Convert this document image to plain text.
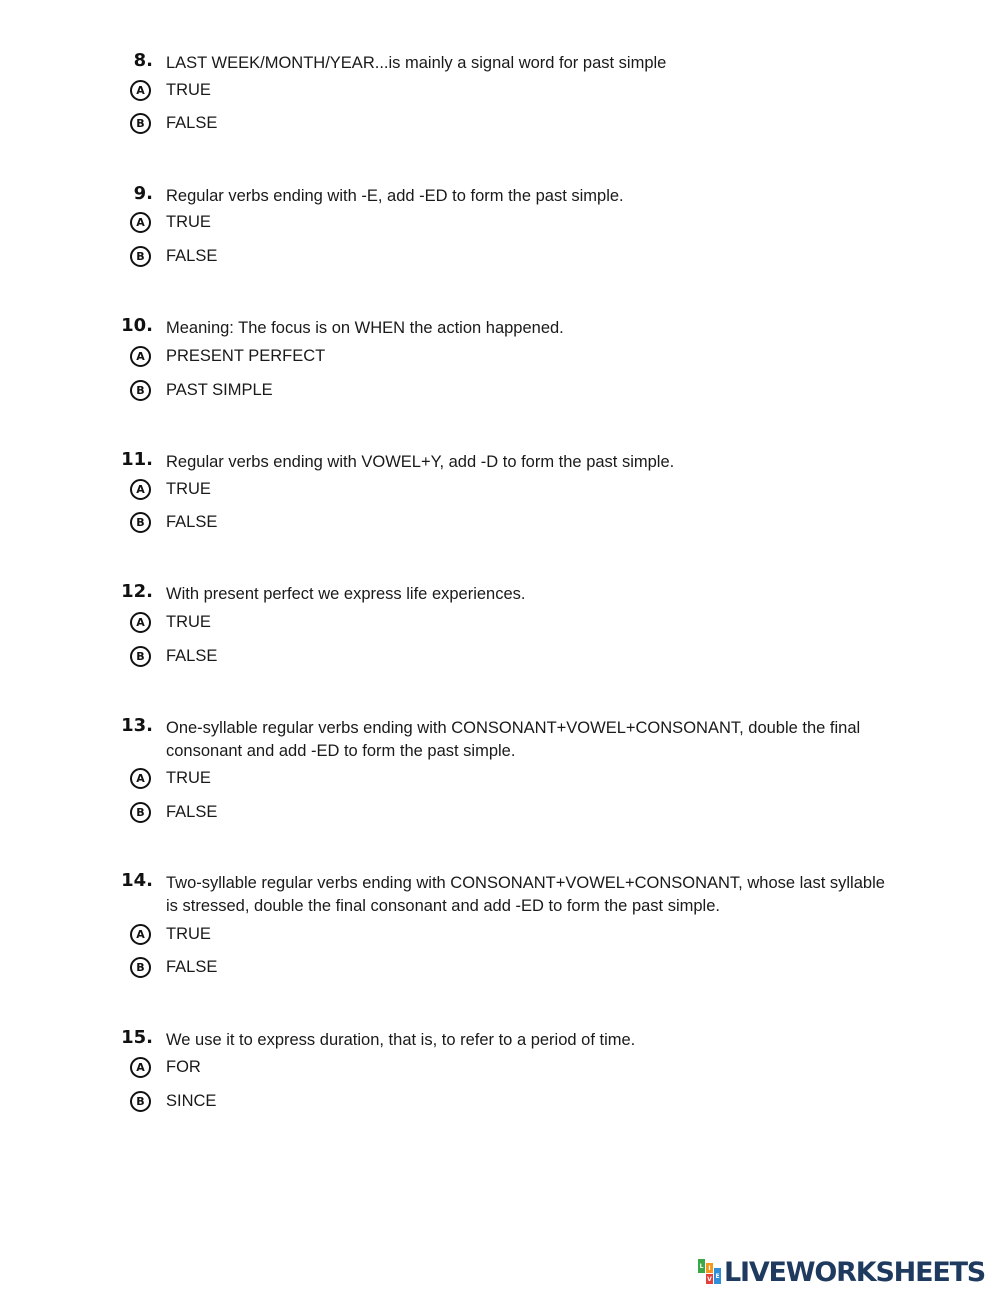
8. LAST WEEK/MONTH/YEAR...is mainly a signal word for past simple
A	TRUE
B	FALSE
9. Regular verbs ending with -E, add -ED to form the past simple.
A	TRUE
B	FALSE
10. Meaning: The focus is on WHEN the action happened.
A	PRESENT PERFECT
B	PAST SIMPLE
11. Regular verbs ending with VOWEL+Y, add -D to form the past simple.
A	TRUE
B	FALSE
12. With present perfect we express life experiences.
A	TRUE
B	FALSE
13. One-syllable regular verbs ending with CONSONANT+VOWEL+CONSONANT, double the final consonant and add -ED to form the past simple.
A	TRUE
B	FALSE
14. Two-syllable regular verbs ending with CONSONANT+VOWEL+CONSONANT, whose last syllable is stressed, double the final consonant and add -ED to form the past simple.
A	TRUE
B	FALSE
15. We use it to express duration, that is, to refer to a period of time.
A	FOR
B	SINCE
L I
V E LIVEWORKSHEETS
